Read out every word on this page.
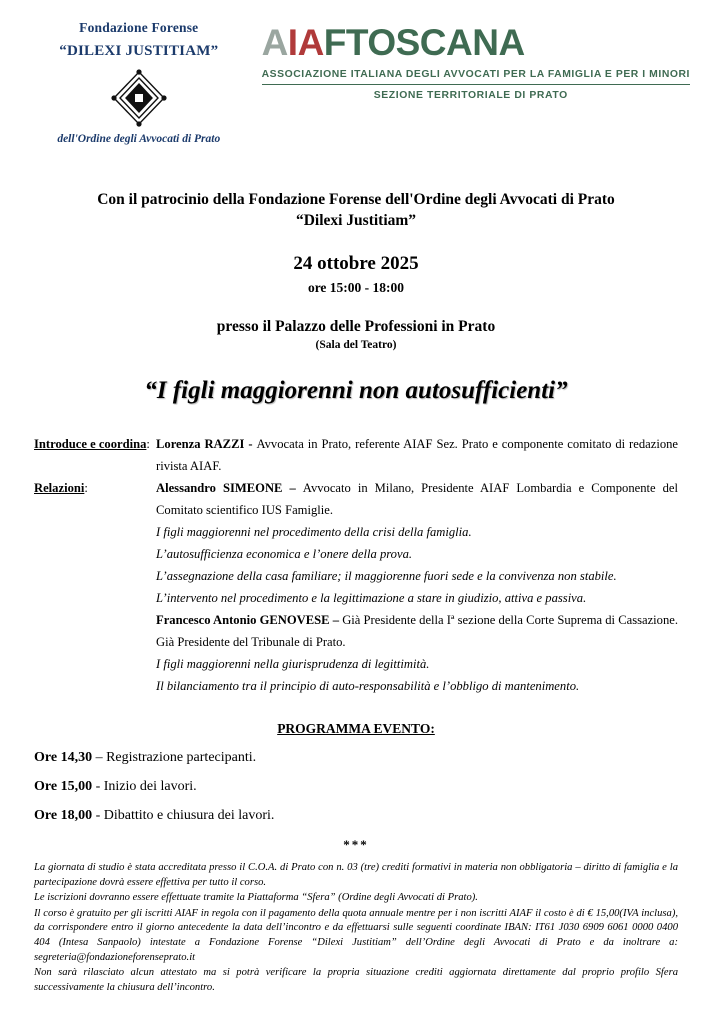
Fondazione Forense
“DILEXI JUSTITIAM”
dell'Ordine degli Avvocati di Prato
AIAFTOSCANA
ASSOCIAZIONE ITALIANA DEGLI AVVOCATI PER LA FAMIGLIA E PER I MINORI
SEZIONE TERRITORIALE DI PRATO
Con il patrocinio della Fondazione Forense dell'Ordine degli Avvocati di Prato
“Dilexi Justitiam”
24 ottobre 2025
ore 15:00 - 18:00
presso il Palazzo delle Professioni in Prato
(Sala del Teatro)
“I figli maggiorenni non autosufficienti”
Introduce e coordina:	Lorenza RAZZI - Avvocata in Prato, referente AIAF Sez. Prato e componente comitato di redazione rivista AIAF.
Relazioni:	Alessandro SIMEONE – Avvocato in Milano, Presidente AIAF Lombardia e Componente del Comitato scientifico IUS Famiglie.
I figli maggiorenni nel procedimento della crisi della famiglia.
L’autosufficienza economica e l’onere della prova.
L’assegnazione della casa familiare; il maggiorenne fuori sede e la convivenza non stabile.
L’intervento nel procedimento e la legittimazione a stare in giudizio, attiva e passiva.
Francesco Antonio GENOVESE – Già Presidente della Iª sezione della Corte Suprema di Cassazione. Già Presidente del Tribunale di Prato.
I figli maggiorenni nella giurisprudenza di legittimità.
Il bilanciamento tra il principio di auto-responsabilità e l’obbligo di mantenimento.
PROGRAMMA EVENTO:
Ore 14,30 – Registrazione partecipanti.
Ore 15,00 - Inizio dei lavori.
Ore 18,00 - Dibattito e chiusura dei lavori.
***

La giornata di studio è stata accreditata presso il C.O.A. di Prato con n. 03 (tre) crediti formativi in materia non obbligatoria – diritto di famiglia e la partecipazione dovrà essere effettiva per tutto il corso.

Le iscrizioni dovranno essere effettuate tramite la Piattaforma “Sfera” (Ordine degli Avvocati di Prato).

Il corso è gratuito per gli iscritti AIAF in regola con il pagamento della quota annuale mentre per i non iscritti AIAF il costo è di € 15,00(IVA inclusa), da corrispondere entro il giorno antecedente la data dell’incontro e da effettuarsi sulle seguenti coordinate IBAN: IT61 J030 6909 6061 0000 0400 404 (Intesa Sanpaolo) intestate a Fondazione Forense “Dilexi Justitiam” dell’Ordine degli Avvocati di Prato e da inoltrare a: segreteria@fondazioneforenseprato.it

Non sarà rilasciato alcun attestato ma si potrà verificare la propria situazione crediti aggiornata direttamente dal proprio profilo Sfera successivamente la chiusura dell’incontro.
